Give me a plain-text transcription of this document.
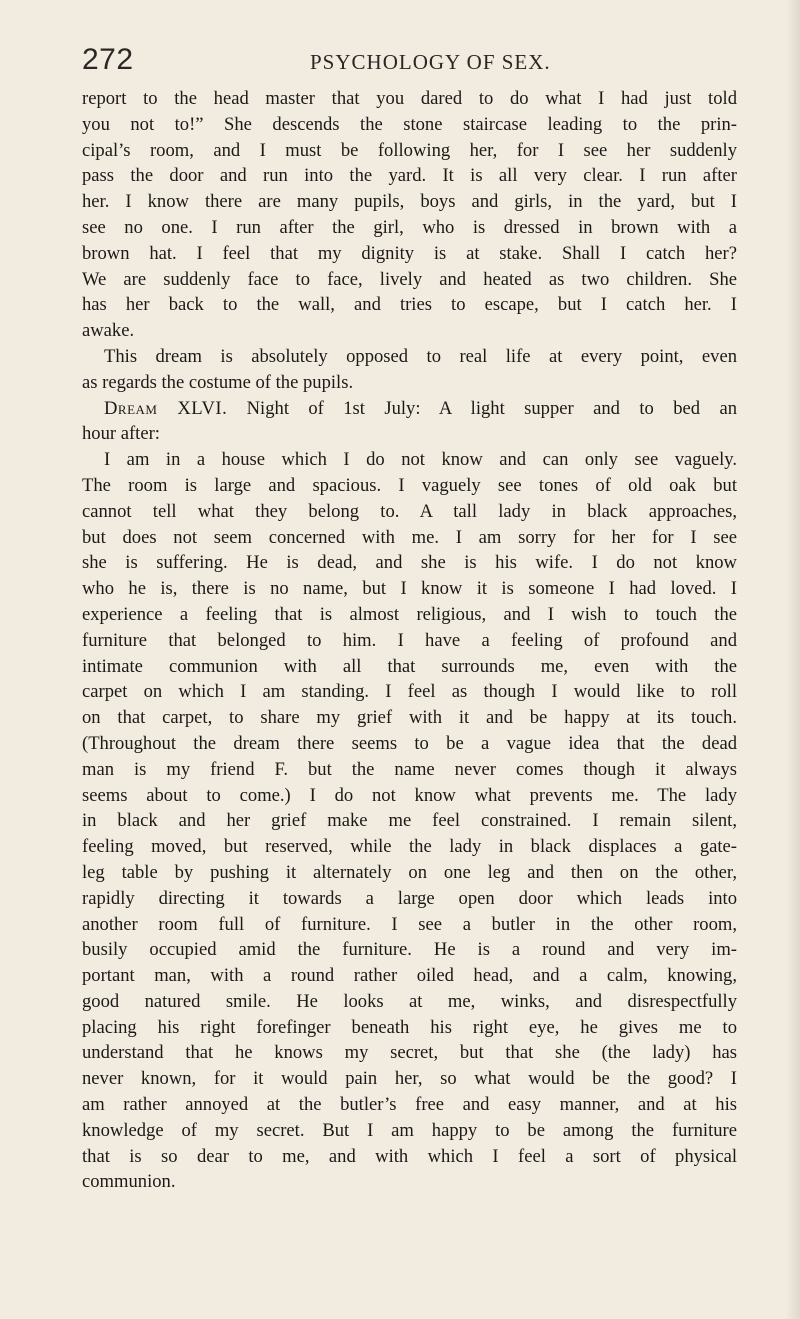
272	PSYCHOLOGY OF SEX.
report to the head master that you dared to do what I had just told
you not to!” She descends the stone staircase leading to the prin-
cipal’s room, and I must be following her, for I see her suddenly
pass the door and run into the yard. It is all very clear. I run after
her. I know there are many pupils, boys and girls, in the yard, but I
see no one. I run after the girl, who is dressed in brown with a
brown hat. I feel that my dignity is at stake. Shall I catch her?
We are suddenly face to face, lively and heated as two children. She
has her back to the wall, and tries to escape, but I catch her. I
awake.
This dream is absolutely opposed to real life at every point, even
as regards the costume of the pupils.
Dream XLVI. Night of 1st July: A light supper and to bed an
hour after:
I am in a house which I do not know and can only see vaguely.
The room is large and spacious. I vaguely see tones of old oak but
cannot tell what they belong to. A tall lady in black approaches,
but does not seem concerned with me. I am sorry for her for I see
she is suffering. He is dead, and she is his wife. I do not know
who he is, there is no name, but I know it is someone I had loved. I
experience a feeling that is almost religious, and I wish to touch the
furniture that belonged to him. I have a feeling of profound and
intimate communion with all that surrounds me, even with the
carpet on which I am standing. I feel as though I would like to roll
on that carpet, to share my grief with it and be happy at its touch.
(Throughout the dream there seems to be a vague idea that the dead
man is my friend F. but the name never comes though it always
seems about to come.) I do not know what prevents me. The lady
in black and her grief make me feel constrained. I remain silent,
feeling moved, but reserved, while the lady in black displaces a gate-
leg table by pushing it alternately on one leg and then on the other,
rapidly directing it towards a large open door which leads into
another room full of furniture. I see a butler in the other room,
busily occupied amid the furniture. He is a round and very im-
portant man, with a round rather oiled head, and a calm, knowing,
good natured smile. He looks at me, winks, and disrespectfully
placing his right forefinger beneath his right eye, he gives me to
understand that he knows my secret, but that she (the lady) has
never known, for it would pain her, so what would be the good? I
am rather annoyed at the butler’s free and easy manner, and at his
knowledge of my secret. But I am happy to be among the furniture
that is so dear to me, and with which I feel a sort of physical
communion.
